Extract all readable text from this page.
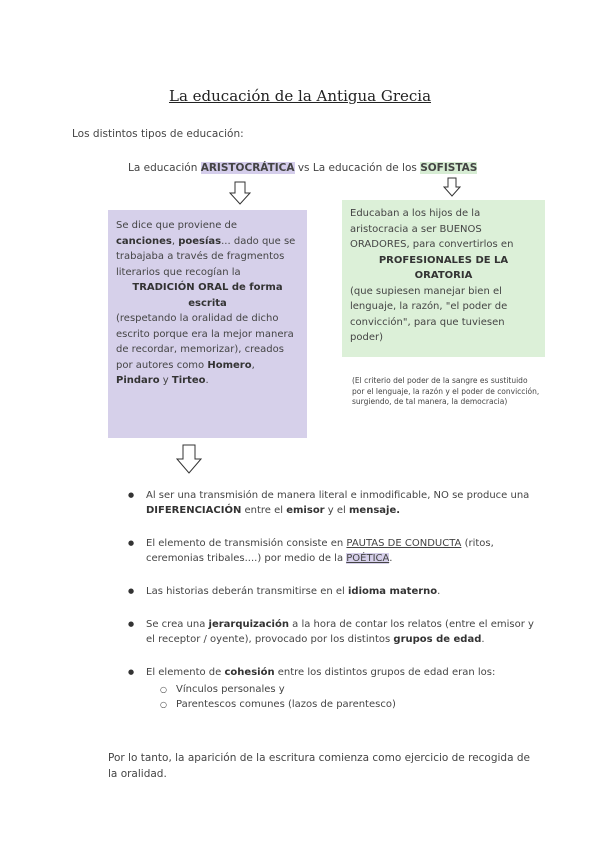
La educación de la Antigua Grecia
Los distintos tipos de educación:
La educación ARISTOCRÁTICA vs La educación de los SOFISTAS
Se dice que proviene de canciones, poesías... dado que se trabajaba a través de fragmentos literarios que recogían la
TRADICIÓN ORAL de forma escrita
(respetando la oralidad de dicho escrito porque era la mejor manera de recordar, memorizar), creados por autores como Homero, Pindaro y Tirteo.
Educaban a los hijos de la aristocracia a ser BUENOS ORADORES, para convertirlos en
PROFESIONALES DE LA ORATORIA
(que supiesen manejar bien el lenguaje, la razón, "el poder de convicción", para que tuviesen poder)
(El criterio del poder de la sangre es sustituido por el lenguaje, la razón y el poder de convicción, surgiendo, de tal manera, la democracia)
● Al ser una transmisión de manera literal e inmodificable, NO se produce una DIFERENCIACIÓN entre el emisor y el mensaje.
● El elemento de transmisión consiste en PAUTAS DE CONDUCTA (ritos, ceremonias tribales....) por medio de la POÉTICA.
● Las historias deberán transmitirse en el idioma materno.
● Se crea una jerarquización a la hora de contar los relatos (entre el emisor y el receptor / oyente), provocado por los distintos grupos de edad.
● El elemento de cohesión entre los distintos grupos de edad eran los:
○ Vínculos personales y
○ Parentescos comunes (lazos de parentesco)
Por lo tanto, la aparición de la escritura comienza como ejercicio de recogida de la oralidad.
